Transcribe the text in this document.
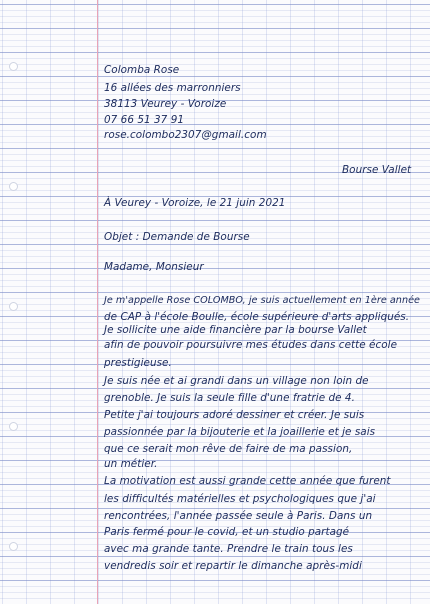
Colomba Rose
16 allées des marronniers
38113 Veurey - Voroize
07 66 51 37 91
rose.colombo2307@gmail.com
Bourse Vallet
À Veurey - Voroize, le 21 juin 2021
Objet : Demande de Bourse
Madame, Monsieur
Je m'appelle Rose COLOMBO, je suis actuellement en 1ère année
de CAP à l'école Boulle, école supérieure d'arts appliqués.
Je sollicite une aide financière par la bourse Vallet
afin de pouvoir poursuivre mes études dans cette école
prestigieuse.
Je suis née et ai grandi dans un village non loin de
grenoble. Je suis la seule fille d'une fratrie de 4.
Petite j'ai toujours adoré dessiner et créer. Je suis
passionnée par la bijouterie et la joaillerie et je sais
que ce serait mon rêve de faire de ma passion,
un métier.
La motivation est aussi grande cette année que furent
les difficultés matérielles et psychologiques que j'ai
rencontrées, l'année passée seule à Paris. Dans un
Paris fermé pour le covid, et un studio partagé
avec ma grande tante. Prendre le train tous les
vendredis soir et repartir le dimanche après-midi
